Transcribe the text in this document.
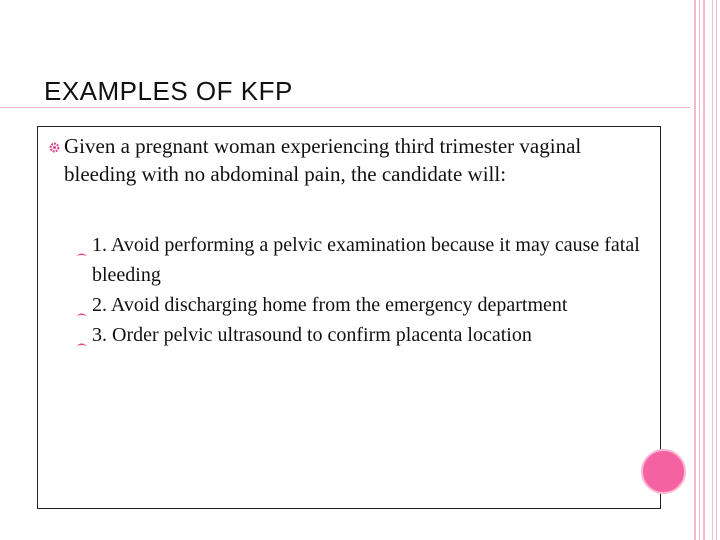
EXAMPLES OF KFP
Given a pregnant woman experiencing third trimester vaginal bleeding with no abdominal pain, the candidate will:
1. Avoid performing a pelvic examination because it may cause fatal bleeding
2. Avoid discharging home from the emergency department
3. Order pelvic ultrasound to confirm placenta location
